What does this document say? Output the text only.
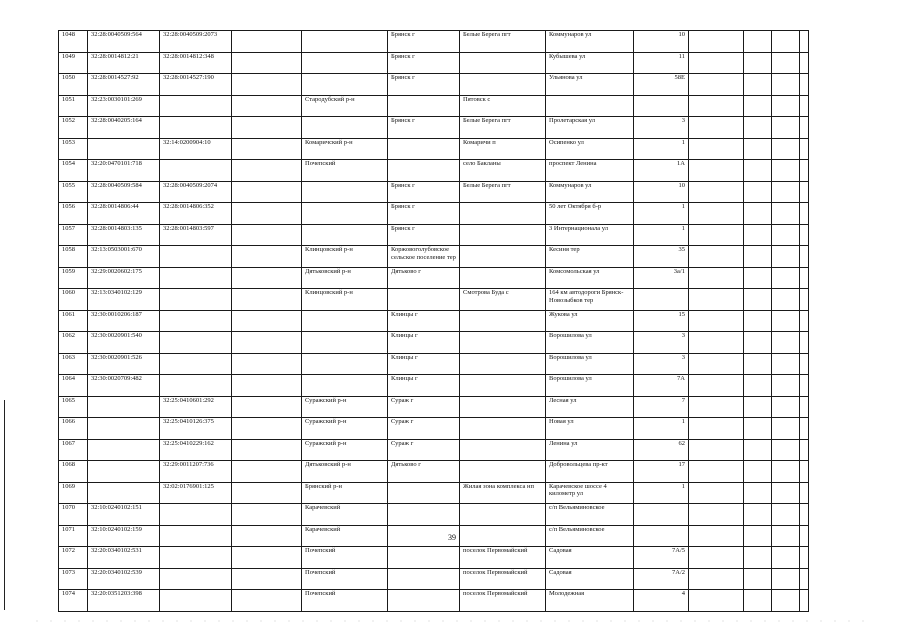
1048	32:28:0040509:564	32:28:0040509:2073			Брянск г	Белые Берега пгт	Коммунаров ул	10				
1049	32:28:0014812:21	32:28:0014812:348			Брянск г		Кубышева ул	11				
1050	32:28:0014527:92	32:28:0014527:190			Брянск г		Ульянова ул	58Е				
1051	32:23:0030101:269			Стародубский р-н		Пятовск с						
1052	32:28:0040205:164				Брянск г	Белые Берега пгт	Пролетарская ул	3				
1053		32:14:0200904:10		Комаричский р-н		Комаричи п	Осипенко ул	1				
1054	32:20:0470101:718			Почепский		село Бакланы	проспект Ленина	1А				
1055	32:28:0040509:584	32:28:0040509:2074			Брянск г	Белые Берега пгт	Коммунаров ул	10				
1056	32:28:0014806:44	32:28:0014806:352			Брянск г		50 лет Октября б-р	1				
1057	32:28:0014803:135	32:28:0014803:597			Брянск г		3 Интернационала ул	1				
1058	32:13:0503001:670			Клинцовский р-н	Коржовоголубовское сельское поселение тер		Кесиня тер	35				
1059	32:29:0020602:175			Дятьковский р-н	Дятьково г		Комсомольская ул	3а/1				
1060	32:13:0340102:129			Клинцовский р-н		Смотрова Буда с	164 км автодороги Брянск-Новозыбков тер					
1061	32:30:0010206:187				Клинцы г		Жукова ул	15				
1062	32:30:0020901:540				Клинцы г		Ворошилова ул	3				
1063	32:30:0020901:526				Клинцы г		Ворошилова ул	3				
1064	32:30:0020709:482				Клинцы г		Ворошилова ул	7А				
1065		32:25:0410601:292		Суражский р-н	Сураж г		Лесная ул	7				
1066		32:25:0410126:375		Суражский р-н	Сураж г		Новая ул	1				
1067		32:25:0410229:162		Суражский р-н	Сураж г		Ленина ул	62				
1068		32:29:0011207:736		Дятьковский р-н	Дятьково г		Добровольцева пр-кт	17				
1069		32:02:0176901:125		Брянский р-н		Жилая зона комплекса нп	Карачевское шоссе 4 километр ул	1				
1070	32:10:0240102:151			Карачевский			с/п Вельяминовское					
1071	32:10:0240102:159			Карачевский			с/п Вельяминовское					
1072	32:20:0340102:531			Почепский		поселок Первомайский	Садовая	7А/5				
1073	32:20:0340102:539			Почепский		поселок Первомайский	Садовая	7А/2				
1074	32:20:0351203:398			Почепский		поселок Первомайский	Молодежная	4				
39
